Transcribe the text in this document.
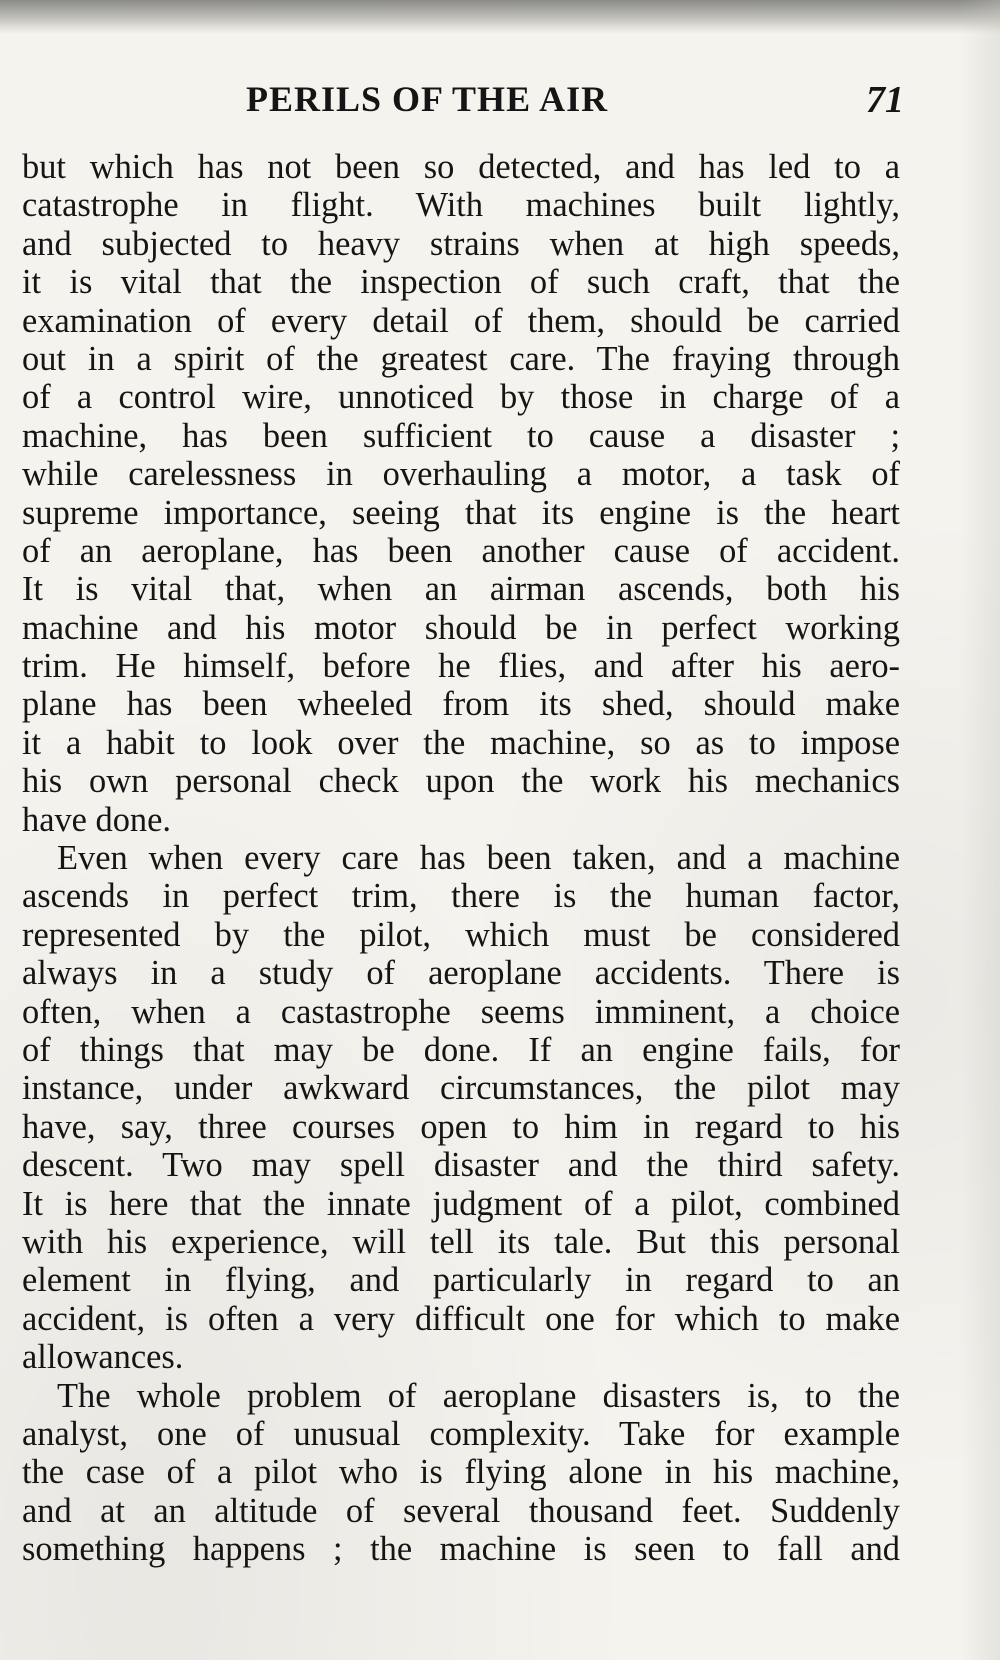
PERILS OF THE AIR	71
but which has not been so detected, and has led to a
catastrophe in flight. With machines built lightly,
and subjected to heavy strains when at high speeds,
it is vital that the inspection of such craft, that the
examination of every detail of them, should be carried
out in a spirit of the greatest care. The fraying through
of a control wire, unnoticed by those in charge of a
machine, has been sufficient to cause a disaster ;
while carelessness in overhauling a motor, a task of
supreme importance, seeing that its engine is the heart
of an aeroplane, has been another cause of accident.
It is vital that, when an airman ascends, both his
machine and his motor should be in perfect working
trim. He himself, before he flies, and after his aero-
plane has been wheeled from its shed, should make
it a habit to look over the machine, so as to impose
his own personal check upon the work his mechanics
have done.
Even when every care has been taken, and a machine
ascends in perfect trim, there is the human factor,
represented by the pilot, which must be considered
always in a study of aeroplane accidents. There is
often, when a castastrophe seems imminent, a choice
of things that may be done. If an engine fails, for
instance, under awkward circumstances, the pilot may
have, say, three courses open to him in regard to his
descent. Two may spell disaster and the third safety.
It is here that the innate judgment of a pilot, combined
with his experience, will tell its tale. But this personal
element in flying, and particularly in regard to an
accident, is often a very difficult one for which to make
allowances.
The whole problem of aeroplane disasters is, to the
analyst, one of unusual complexity. Take for example
the case of a pilot who is flying alone in his machine,
and at an altitude of several thousand feet. Suddenly
something happens ; the machine is seen to fall and
